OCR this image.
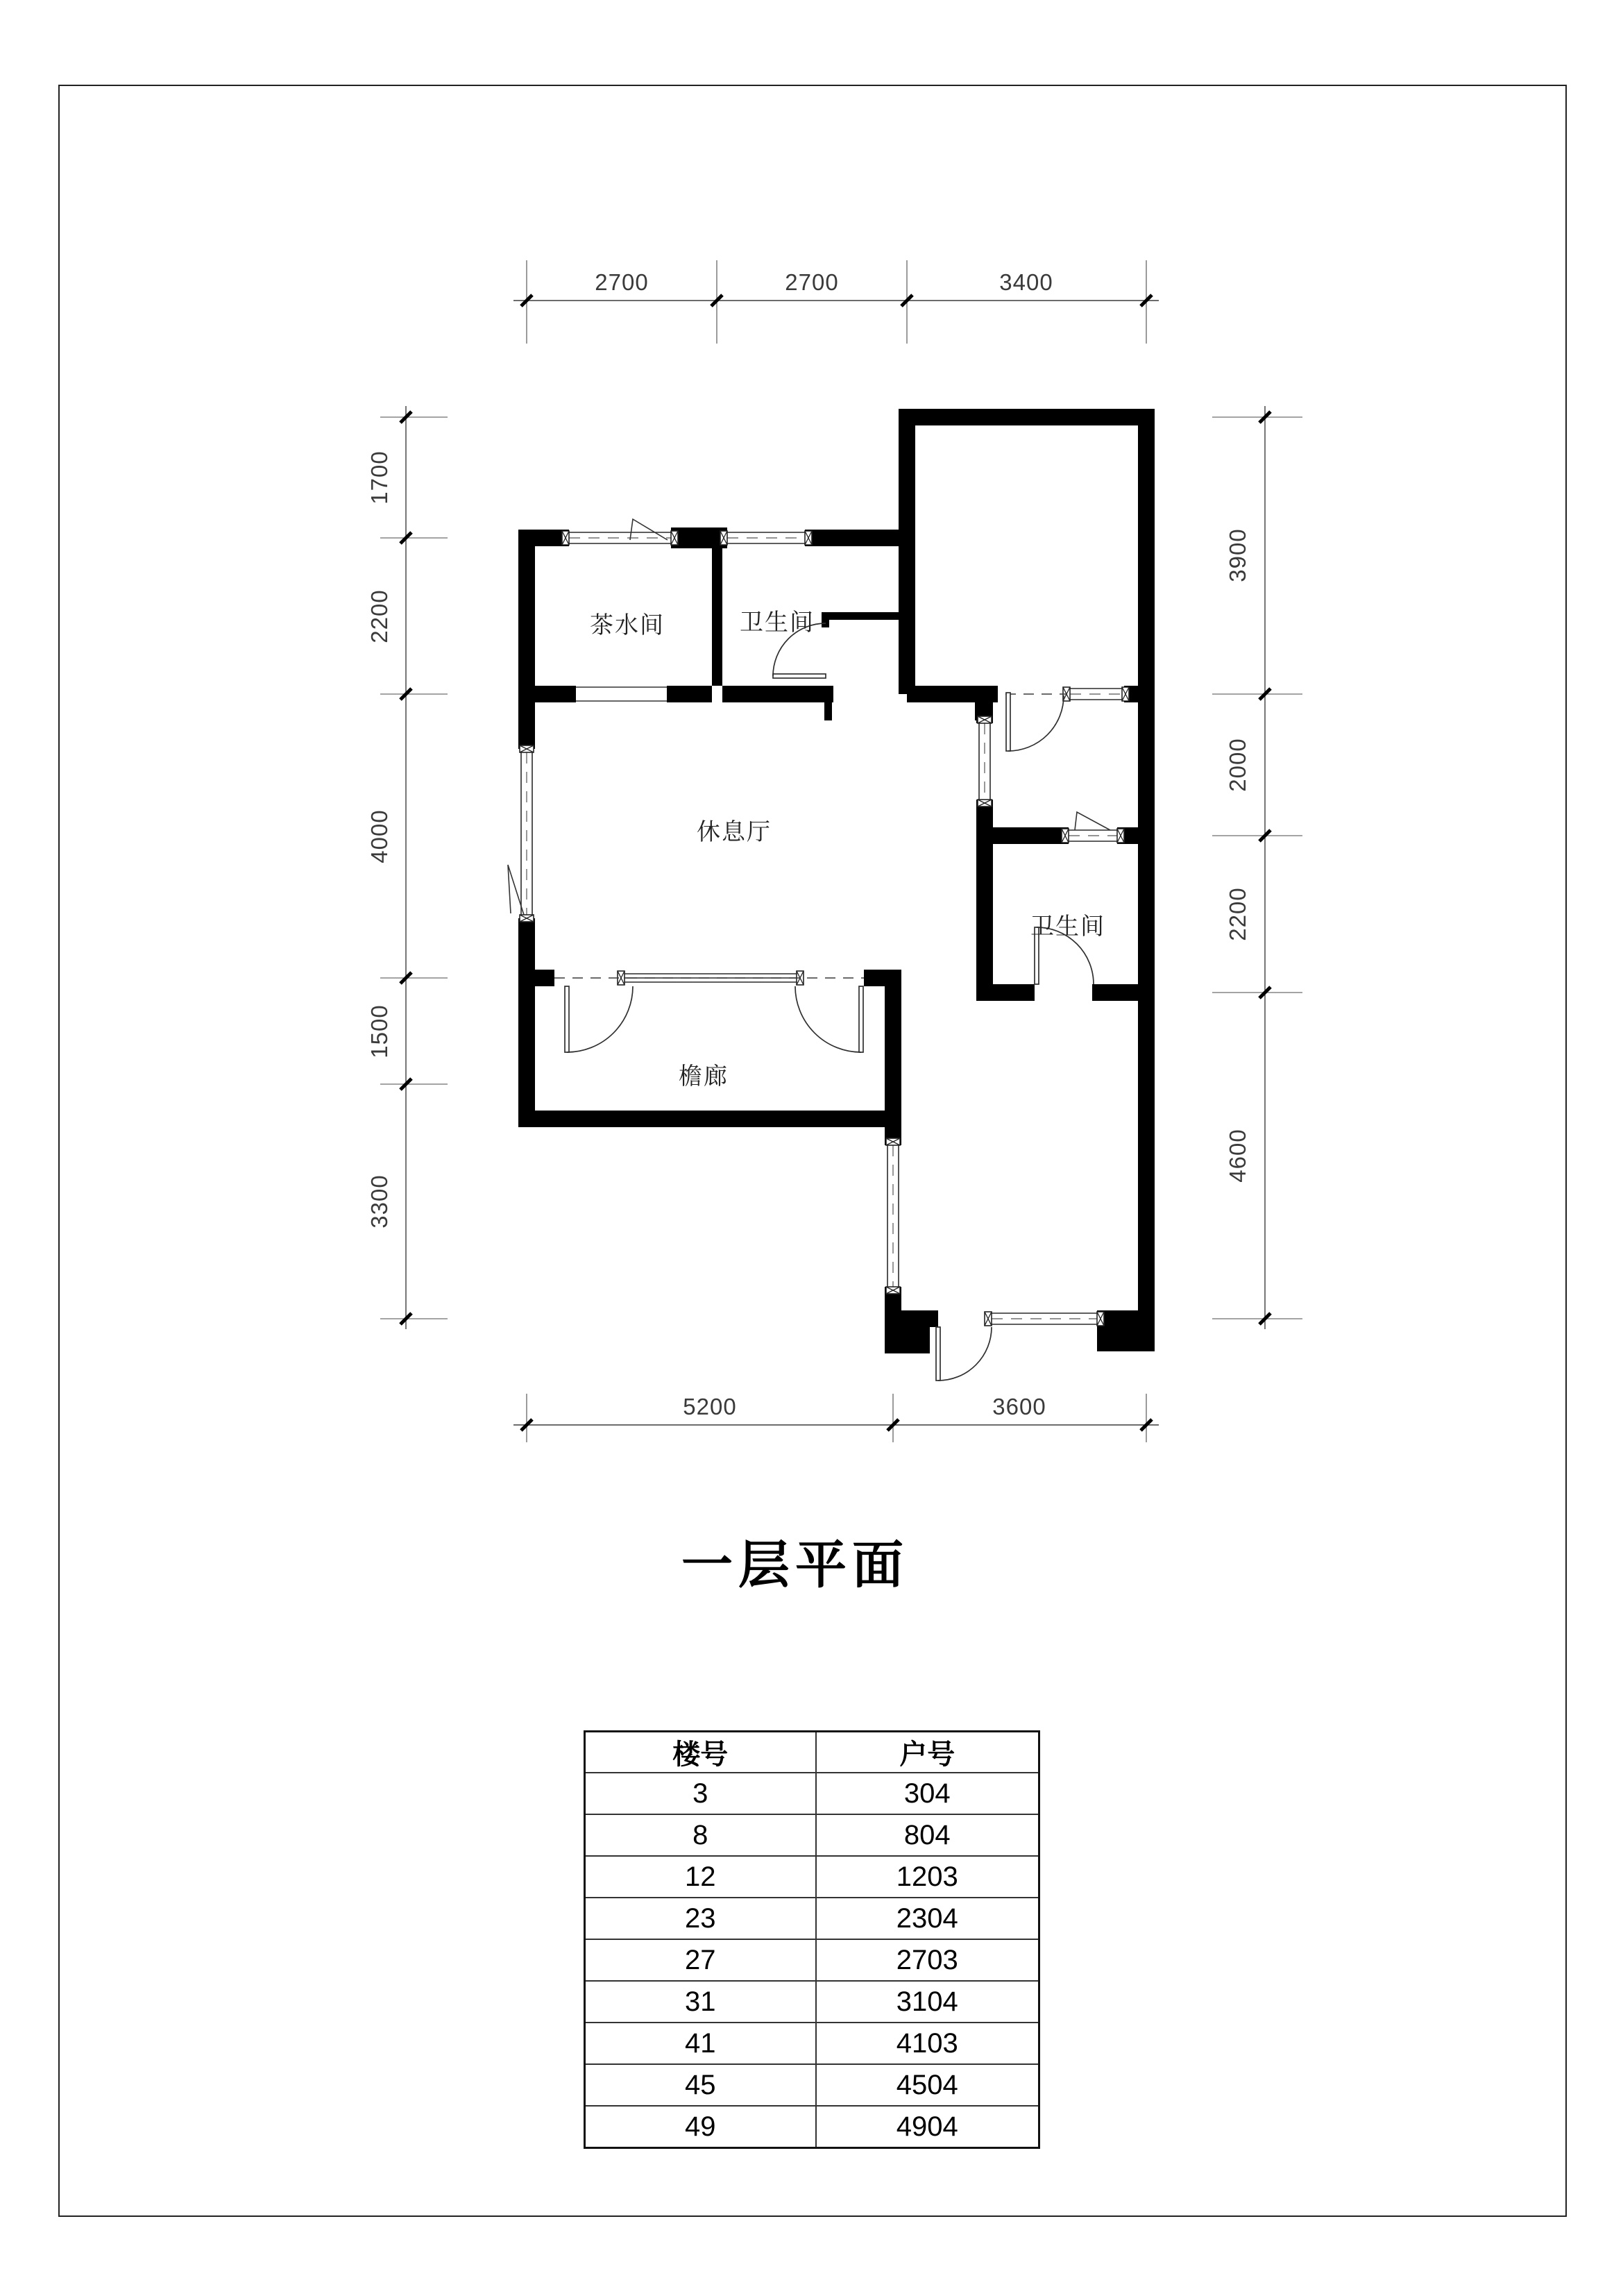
茶水间	卫生间
休息厅
檐廊
卫生间
2700	2700	3400
1700
2200
4000
1500
3300
3900
2000
2200
4600
5200	3600
一层平面
楼号	户号
3	304
8	804
12	1203
23	2304
27	2703
31	3104
41	4103
45	4504
49	4904
